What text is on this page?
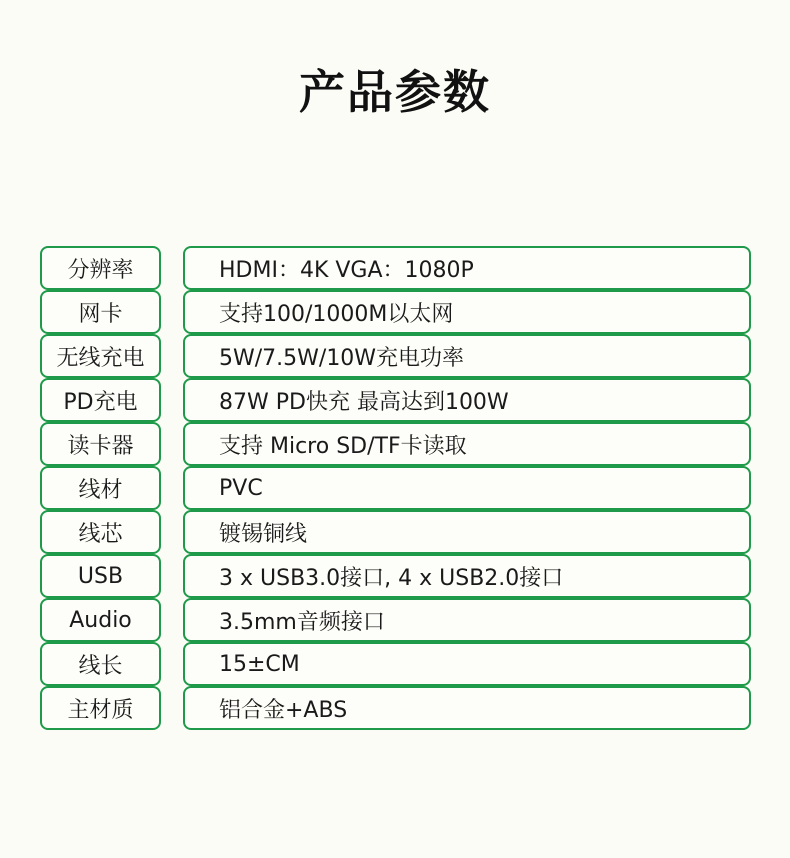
产品参数
分辨率	HDMI：4K VGA：1080P
网卡	支持100/1000M以太网
无线充电	5W/7.5W/10W充电功率
PD充电	87W PD快充 最高达到100W
读卡器	支持 Micro SD/TF卡读取
线材	PVC
线芯	镀锡铜线
USB	3 x USB3.0接口, 4 x USB2.0接口
Audio	3.5mm音频接口
线长	15±CM
主材质	铝合金+ABS
